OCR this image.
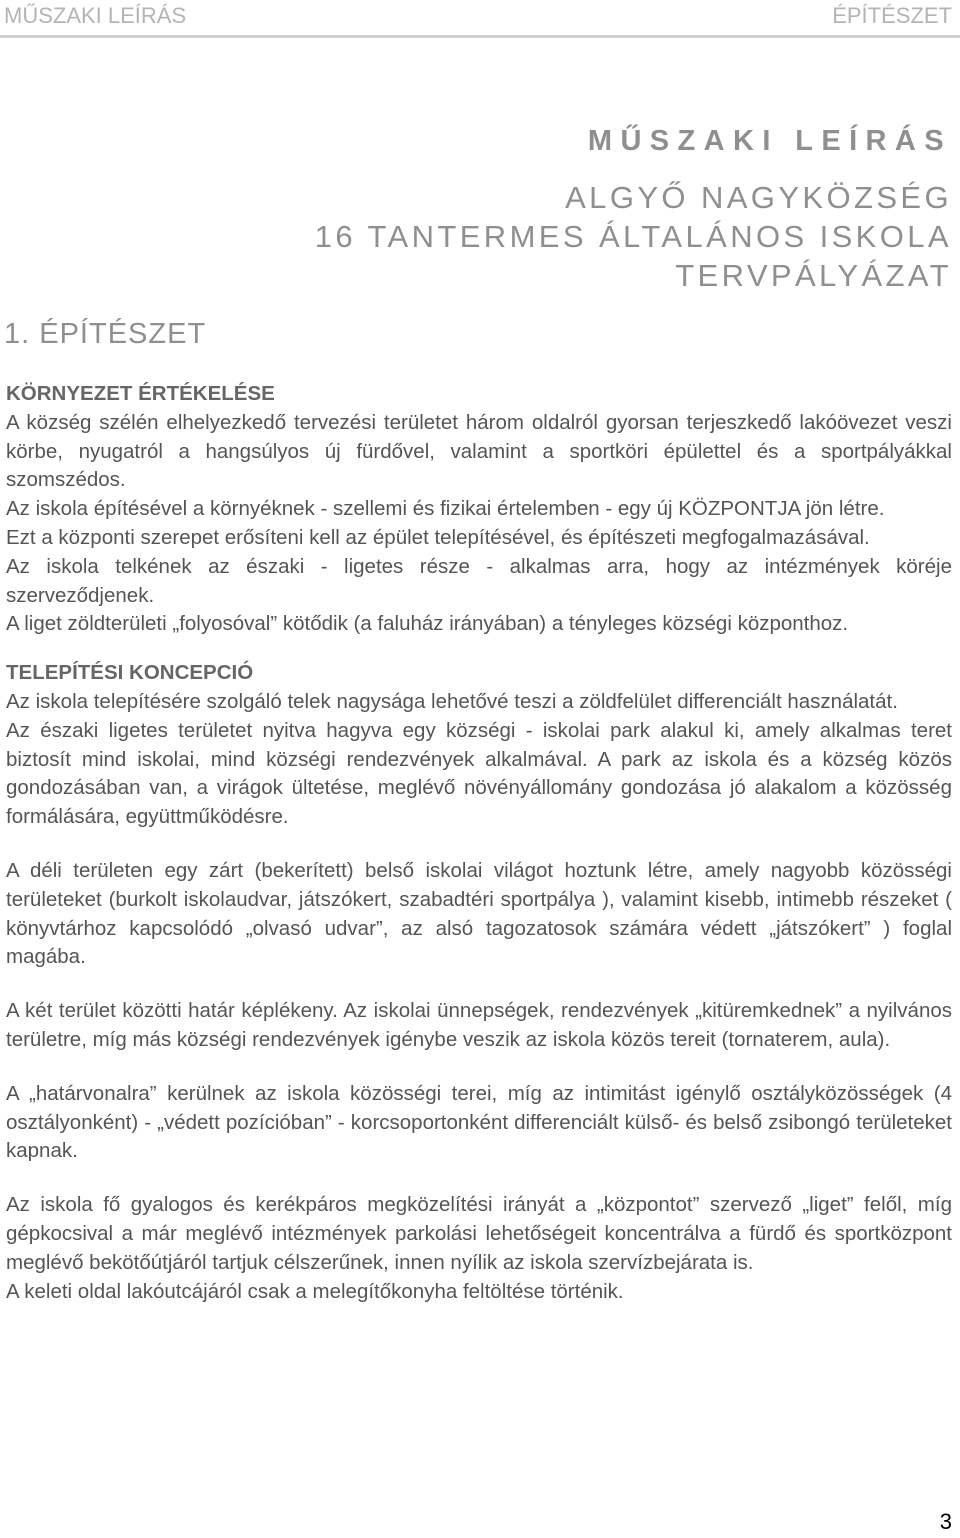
MŰSZAKI LEÍRÁS	ÉPÍTÉSZET
MŰSZAKI LEÍRÁS
ALGYŐ NAGYKÖZSÉG
16 TANTERMES ÁLTALÁNOS ISKOLA
TERVPÁLYÁZAT
1. ÉPÍTÉSZET
KÖRNYEZET ÉRTÉKELÉSE

A község szélén elhelyezkedő tervezési területet három oldalról gyorsan terjeszkedő lakóövezet veszi körbe, nyugatról a hangsúlyos új fürdővel, valamint a sportköri épülettel és a sportpályákkal szomszédos.

Az iskola építésével a környéknek - szellemi és fizikai értelemben - egy új KÖZPONTJA jön létre.

Ezt a központi szerepet erősíteni kell az épület telepítésével, és építészeti megfogalmazásával.

Az iskola telkének az északi - ligetes része - alkalmas arra, hogy az intézmények köréje szerveződjenek.

A liget zöldterületi „folyosóval” kötődik (a faluház irányában) a tényleges községi központhoz.

TELEPÍTÉSI KONCEPCIÓ

Az iskola telepítésére szolgáló telek nagysága lehetővé teszi a zöldfelület differenciált használatát.

Az északi ligetes területet nyitva hagyva egy községi - iskolai park alakul ki, amely alkalmas teret biztosít mind iskolai, mind községi rendezvények alkalmával. A park az iskola és a község közös gondozásában van, a virágok ültetése, meglévő növényállomány gondozása jó alakalom a közösség formálására, együttműködésre.

A déli területen egy zárt (bekerített) belső iskolai világot hoztunk létre, amely nagyobb közösségi területeket (burkolt iskolaudvar, játszókert, szabadtéri sportpálya ), valamint kisebb, intimebb részeket ( könyvtárhoz kapcsolódó „olvasó udvar”, az alsó tagozatosok számára védett „játszókert” ) foglal magába.

A két terület közötti határ képlékeny. Az iskolai ünnepségek, rendezvények „kitüremkednek” a nyilvános területre, míg más községi rendezvények igénybe veszik az iskola közös tereit (tornaterem, aula).

A „határvonalra” kerülnek az iskola közösségi terei, míg az intimitást igénylő osztályközösségek (4 osztályonként) - „védett pozícióban” - korcsoportonként differenciált külső- és belső zsibongó területeket kapnak.

Az iskola fő gyalogos és kerékpáros megközelítési irányát a „központot” szervező „liget” felől, míg gépkocsival a már meglévő intézmények parkolási lehetőségeit koncentrálva a fürdő és sportközpont meglévő bekötőútjáról tartjuk célszerűnek, innen nyílik az iskola szervízbejárata is.

A keleti oldal lakóutcájáról csak a melegítőkonyha feltöltése történik.

3
